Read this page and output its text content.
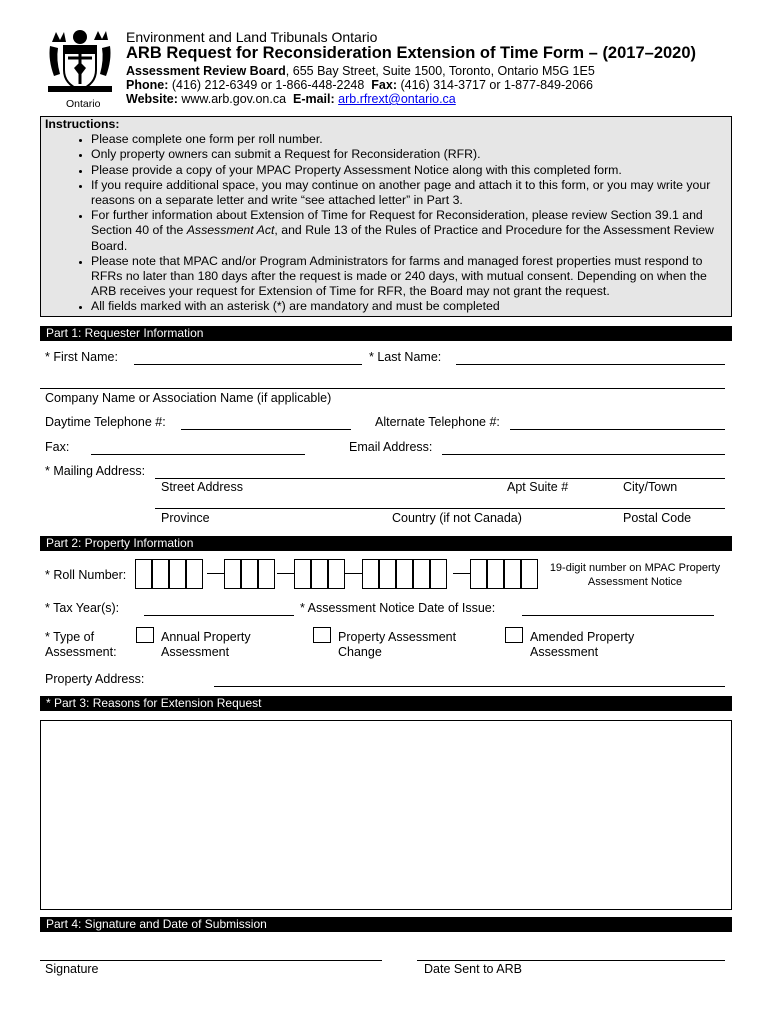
Ontario
Environment and Land Tribunals Ontario
ARB Request for Reconsideration Extension of Time Form – (2017–2020)
Assessment Review Board, 655 Bay Street, Suite 1500, Toronto, Ontario M5G 1E5
Phone: (416) 212-6349 or 1-866-448-2248 Fax: (416) 314-3717 or 1-877-849-2066
Website: www.arb.gov.on.ca E-mail: arb.rfrext@ontario.ca
Instructions:
• Please complete one form per roll number.
• Only property owners can submit a Request for Reconsideration (RFR).
• Please provide a copy of your MPAC Property Assessment Notice along with this completed form.
• If you require additional space, you may continue on another page and attach it to this form, or you may write your reasons on a separate letter and write “see attached letter” in Part 3.
• For further information about Extension of Time for Request for Reconsideration, please review Section 39.1 and Section 40 of the Assessment Act, and Rule 13 of the Rules of Practice and Procedure for the Assessment Review Board.
• Please note that MPAC and/or Program Administrators for farms and managed forest properties must respond to RFRs no later than 180 days after the request is made or 240 days, with mutual consent. Depending on when the ARB receives your request for Extension of Time for RFR, the Board may not grant the request.
• All fields marked with an asterisk (*) are mandatory and must be completed
Part 1: Requester Information
* First Name:	* Last Name:
Company Name or Association Name (if applicable)
Daytime Telephone #:	Alternate Telephone #:
Fax:	Email Address:
* Mailing Address:
Street Address	Apt Suite #	City/Town
Province	Country (if not Canada)	Postal Code
Part 2: Property Information
* Roll Number:	19-digit number on MPAC Property Assessment Notice
* Tax Year(s):	* Assessment Notice Date of Issue:
* Type of Assessment:
Annual Property Assessment
Property Assessment Change
Amended Property Assessment
Property Address:
* Part 3: Reasons for Extension Request
Part 4: Signature and Date of Submission
Signature	Date Sent to ARB
